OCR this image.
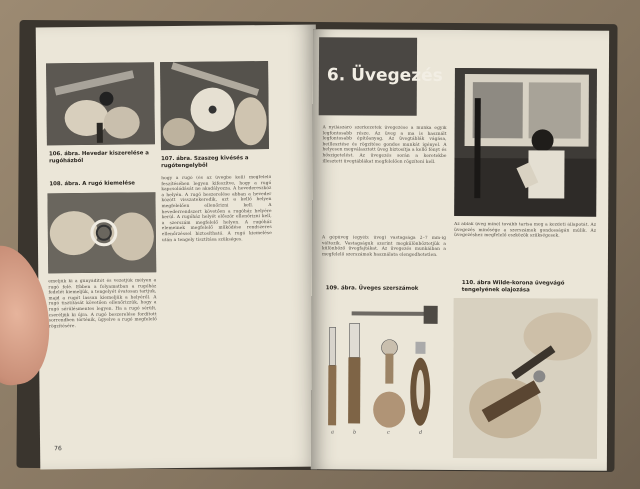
106. ábra. Hevedar kiszerelése a rugóházból	107. ábra. Szaszeg kivésés a rugótengelyből
108. ábra. A rugó kiemelése
hogy a rugó (és az üvegbe kell) megfelelő feszítésében legyen kifeszítve, hogy a rugó kapcsolódását ne akadályozza. A hevedereszköz a helyén. A rugó beszerelése abban a heveder között visszatekeredik, azt a kellő helyen megfelelően ellenőrizni kell. A hevederrendszert követően a rugóház helyére kerül. A rugóház helyét először ellenőrizni kell, a szerszám megfelelő helyen. A rugóház elemeinek megfelelő működése rendszeres ellenőrzéssel biztosítható. A rugó kiemelése után a tengely tisztítása szükséges.
emeljük ki a gúnyádítót és vezetjük mélyen a rugó felé. Ebben a folyamatban a rugóház fedelét kiemeljük, a tengelyét óvatosan tartjuk, majd a rugót lassan kiemeljük a helyéről. A rugó tisztítását követően ellenőrizzük, hogy a rugó sérülésmentes legyen. Ha a rugó sérült, cseréljük ki újra. A rugó beszerelése fordított sorrendben történik, ügyelve a rugó megfelelő rögzítésére.
76
6. Üvegezés
A nyílászáró szerkezetek üvegezése a munka egyik legfontosabb része. Az üveg a ma is használt legfontosabb építőanyag. Az üvegtáblák vágása, beillesztése és rögzítése gondos munkát igényel. A helyesen megválasztott üveg biztosítja a kellő fényt és hőszigetelést. Az üvegezés során a keretekbe illesztett üvegtáblákat megfelelően rögzíteni kell.
A gépüveg (egyéb: üveg) vastagsága 2–7 mm-ig változik. Vastagságuk szerint megkülönböztetjük a különböző üvegfajtákat. Az üvegezés munkáiban a megfelelő szerszámok használata elengedhetetlen.
Az ablak üveg minél tovább tartsa meg a kezdeti állapotát. Az üvegezés minősége a szerszámok gondosságán múlik. Az üvegezéshez megfelelő eszközök szükségesek.
109. ábra. Üveges szerszámok
a	b	c	d
110. ábra Wilde-korona üvegvágó tengelyének olajozása
